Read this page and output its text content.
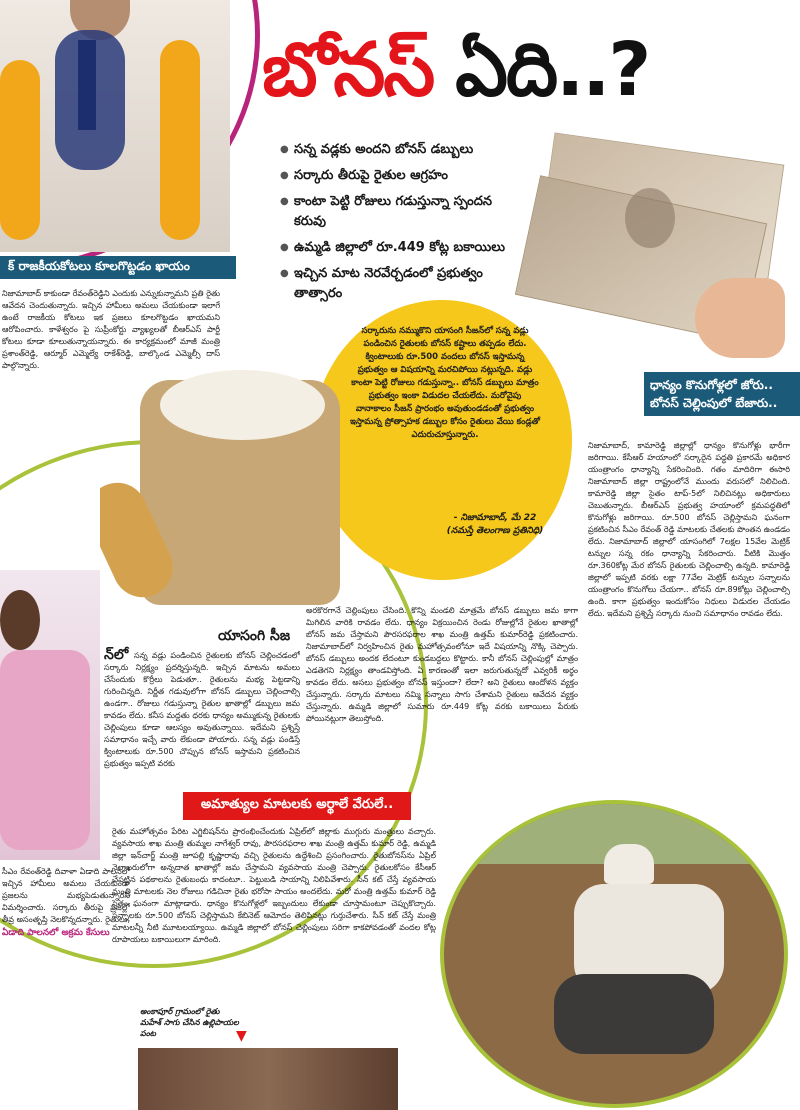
క్ రాజకీయకోటలు కూలగొట్టడం ఖాయం
నిజామాబాద్ కాకుండా రేవంత్‌రెడ్డిని ఎందుకు ఎన్నుకున్నామని ప్రతి రైతు ఆవేదన చెందుతున్నారు. ఇచ్చిన హామీలు అమలు చేయకుండా ఇలాగే ఉంటే రాజకీయ కోటలు ఇక ప్రజలు కూలగొట్టడం ఖాయమని ఆరోపించారు. కాళేశ్వరం పై సుప్రీంకోర్టు వ్యాఖ్యలతో బీఆర్‌ఎస్ పార్టీ కోటలు కూడా కూలుతున్నాయన్నారు. ఈ కార్యక్రమంలో మాజీ మంత్రి ప్రశాంత్‌రెడ్డి, ఆర్మూర్ ఎమ్మెల్యే రాకేశ్‌రెడ్డి, బాల్కొండ ఎమ్మెల్సీ దాస్‌ పాల్గొన్నారు.
బోనస్ ఏది..?
● సన్న వడ్లకు అందని బోనస్ డబ్బులు
● సర్కారు తీరుపై రైతుల ఆగ్రహం
● కాంటా పెట్టి రోజులు గడుస్తున్నా స్పందన కరువు
● ఉమ్మడి జిల్లాలో రూ.449 కోట్ల బకాయిలు
● ఇచ్చిన మాట నెరవేర్చడంలో ప్రభుత్వం తాత్సారం
ధాన్యం కొనుగోళ్లలో జోరు.. బోనస్ చెల్లింపులో బేజారు..
సర్కారును నమ్ముకొని యాసంగి సీజన్‌లో సన్న వడ్లు పండించిన రైతులకు బోనస్ కష్టాలు తప్పడం లేదు. క్వింటాలుకు రూ.500 వందలు బోనస్ ఇస్తామన్న ప్రభుత్వం ఆ విషయాన్ని మరచిపోయి నట్లున్నది. వడ్లు కాంటా పెట్టి రోజులు గడుస్తున్నా.. బోనస్ డబ్బులు మాత్రం ప్రభుత్వం ఇంకా విడుదల చేయలేదు. మరోవైపు వానాకాలం సీజన్ ప్రారంభం అవుతుండడంతో ప్రభుత్వం ఇస్తామన్న ప్రోత్సాహక డబ్బుల కోసం రైతులు వేయి కండ్లతో ఎదురుచూస్తున్నారు.
- నిజామాబాద్, మే 22 (నమస్తే తెలంగాణ ప్రతినిధి)
నిజామాబాద్, కామారెడ్డి జిల్లాల్లో ధాన్యం కొనుగోళ్లు భారీగా జరిగాయి. కేసీఆర్ హయాంలో సర్కారైన పద్ధతి ప్రకారమే అధికార యంత్రాంగం ధాన్యాన్ని సేకరించింది. గతం మాదిరిగా ఈసారి నిజామాబాద్ జిల్లా రాష్ట్రంలోనే ముందు వరుసలో నిలిచింది. కామారెడ్డి జిల్లా సైతం టాప్-5లో నిలిచినట్లు అధికారులు చెబుతున్నారు. బీఆర్‌ఎస్ ప్రభుత్వ హయాంలో క్రమపద్ధతిలో కొనుగోళ్లు జరిగాయి. రూ.500 బోనస్ చెల్లిస్తామని ఘనంగా ప్రకటించిన సీఎం రేవంత్ రెడ్డి మాటలకు చేతలకు పొంతన ఉండడం లేదు. నిజామాబాద్ జిల్లాలో యాసంగిలో 7లక్షల 15వేల మెట్రిక్ టన్నుల సన్న రకం ధాన్యాన్ని సేకరించారు. వీటికి మొత్తం రూ.360కోట్ల మేర బోనస్ రైతులకు చెల్లించాల్సి ఉన్నది. కామారెడ్డి జిల్లాలో ఇప్పటి వరకు లక్షా 77వేల మెట్రిక్ టన్నుల సన్నాలను యంత్రాంగం కొనుగోలు చేయగా.. బోనస్ రూ.89కోట్లు చెల్లించాల్సి ఉంది. కాగా ప్రభుత్వం ఇందుకోసం నిధులు విడుదల చేయడం లేదు. ఇదేమని ప్రశ్నిస్తే సర్కారు నుంచి సమాధానం రావడం లేదు.
యాసంగి సీజ
న్‌లో సన్న వడ్లు పండించిన రైతులకు బోనస్ చెల్లించడంలో సర్కారు నిర్లక్ష్యం ప్రదర్శిస్తున్నది. ఇచ్చిన మాటను అమలు చేసేందుకు కొర్రీలు పెడుతూ.. రైతులను మభ్య పెట్టడాన్ని గురించిన్నది. నిర్ణీత గడువులోగా బోనస్ డబ్బులు చెల్లించాల్సి ఉండగా.. రోజులు గడుస్తున్నా రైతుల ఖాతాల్లో డబ్బులు జమ కావడం లేదు. కనీస మద్దతు ధరకు ధాన్యం అమ్ముకున్న రైతులకు చెల్లింపులు కూడా ఆలస్యం అవుతున్నాయి. ఇదేమని ప్రశ్నిస్తే సమాధానం ఇచ్చే వారు లేకుండా పోయారు. సన్న వడ్లు పండిస్తే క్వింటాలుకు రూ.500 చొప్పున బోనస్ ఇస్తామని ప్రకటించిన ప్రభుత్వం ఇప్పటి వరకు
అరకొరగానే చెల్లింపులు చేసింది. కొన్ని మండలి మాత్రమే బోనస్ డబ్బులు జమ కాగా మిగిలిన వారికి రావడం లేదు. ధాన్యం విక్రయించిన రెండు రోజుల్లోనే రైతుల ఖాతాల్లో బోనస్ జమ చేస్తామని పౌరసరఫరాల శాఖ మంత్రి ఉత్తమ్ కుమార్‌రెడ్డి ప్రకటించారు. నిజామాబాద్‌లో నిర్వహించిన రైతు మహోత్సవంలోనూ ఇదే విషయాన్ని నొక్కి చెప్పారు. బోనస్ డబ్బులు అందక లేదంటూ కుండబద్దలు కొట్టారు. కానీ బోనస్ చెల్లింపుల్లో మాత్రం ఎడతెగని నిర్లక్ష్యం తాండవిస్తోంది. ఏ కారణంతో ఇలా జరుగుతున్నదో ఎవ్వరికీ అర్థం కావడం లేదు. అసలు ప్రభుత్వం బోనస్ ఇస్తుందా? లేదా? అని రైతులు ఆందోళన వ్యక్తం చేస్తున్నారు. సర్కారు మాటలు నమ్మి సన్నాలు సాగు చేశామని రైతులు ఆవేదన వ్యక్తం చేస్తున్నారు. ఉమ్మడి జిల్లాలో సుమారు రూ.449 కోట్ల వరకు బకాయిలు పేరుకు పోయినట్లుగా తెలుస్తోంది.
అమాత్యుల మాటలకు అర్థాలే వేరులే..
రైతు మహోత్సవం పేరిట ఎగ్జిబిషన్‌ను ప్రారంభించేందుకు ఏప్రిల్‌లో జిల్లాకు ముగ్గురు మంత్రులు వచ్చారు. వ్యవసాయ శాఖ మంత్రి తుమ్మల నాగేశ్వర్ రావు, పౌరసరఫరాల శాఖ మంత్రి ఉత్తమ్ కుమార్ రెడ్డి, ఉమ్మడి జిల్లా ఇన్‌చార్జ్ మంత్రి జూపల్లి కృష్ణారావు వచ్చి రైతులను ఉద్దేశించి ప్రసంగించారు. రైతుబోనస్‌ను ఏప్రిల్ నెలాఖరులోగా అన్నదాత ఖాతాల్లో జమ చేస్తామని వ్యవసాయ మంత్రి చెప్పారు. రైతులకోసం కేసీఆర్ చేపట్టిన పథకాలను రైతుబంధు కాదంటూ.. పెట్టుబడి సాయాన్ని నిలిపివేశారు. సీన్ కట్ చేస్తే వ్యవసాయ మంత్రి మాటలకు నెల రోజులు గడిచినా రైతు భరోసా సాయం అందలేదు. మరో మంత్రి ఉత్తమ్ కుమార్ రెడ్డి సైతం ఘనంగా మాట్లాడారు. ధాన్యం కొనుగోళ్లలో ఇబ్బందులు లేకుండా చూస్తామంటూ చెప్పుకొచ్చారు. సన్నాలకు రూ.500 బోనస్ చెల్లిస్తామని కేబినెట్ ఆమోదం తెలిపినట్లు గుర్తుచేశారు. సీన్ కట్ చేస్తే మంత్రి మాటలన్నీ నీటి మూటలయ్యాయి. ఉమ్మడి జిల్లాలో బోనస్ చెల్లింపులు సరిగా కాకపోవడంతో వందల కోట్ల రూపాయలు బకాయిలుగా మారింది.
ఏడాది పాలనలో అక్రమ కేసులు
సీఎం రేవంత్‌రెడ్డి దివాళా ఏడాది పాలనలో ఇచ్చిన హామీలు అమలు చేయకుండా ప్రజలను మభ్యపెడుతున్నారని విమర్శించారు. సర్కారు తీరుపై ప్రజల్లో తీవ్ర అసంతృప్తి నెలకొన్నదన్నారు. రైతులు,
అంకాపూర్ గ్రామంలో రైతు మహేశ్ సాగు చేసిన ఉల్లిపాయల పంట	▼
